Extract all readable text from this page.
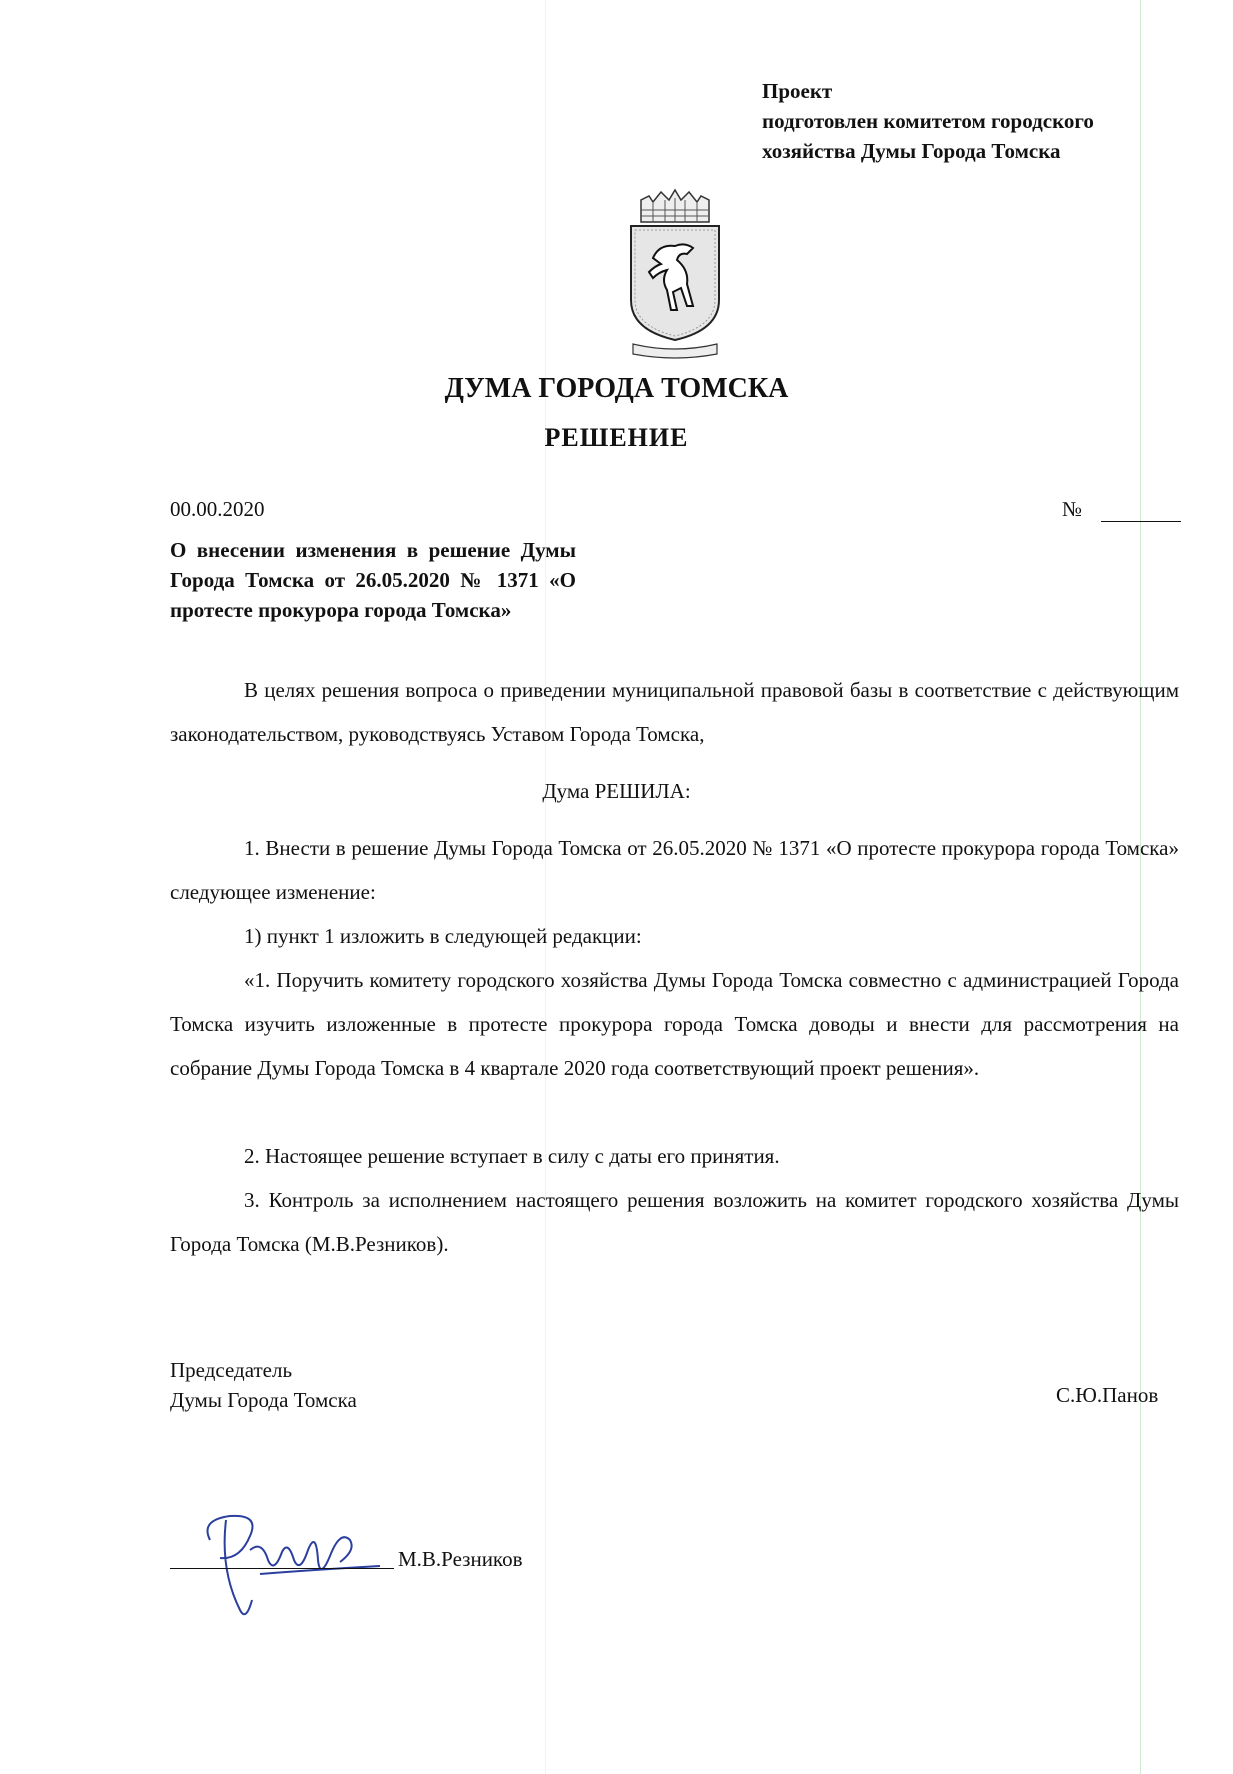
Проект
подготовлен комитетом городского
хозяйства Думы Города Томска
ДУМА ГОРОДА ТОМСКА
РЕШЕНИЕ
00.00.2020	№
О внесении изменения в решение Думы Города Томска от 26.05.2020 № 1371 «О протесте прокурора города Томска»
В целях решения вопроса о приведении муниципальной правовой базы в соответствие с действующим законодательством, руководствуясь Уставом Города Томска,
Дума РЕШИЛА:
1. Внести в решение Думы Города Томска от 26.05.2020 № 1371 «О протесте прокурора города Томска» следующее изменение:
1) пункт 1 изложить в следующей редакции:
«1. Поручить комитету городского хозяйства Думы Города Томска совместно с администрацией Города Томска изучить изложенные в протесте прокурора города Томска доводы и внести для рассмотрения на собрание Думы Города Томска в 4 квартале 2020 года соответствующий проект решения».
2. Настоящее решение вступает в силу с даты его принятия.
3. Контроль за исполнением настоящего решения возложить на комитет городского хозяйства Думы Города Томска (М.В.Резников).
Председатель
Думы Города Томска	С.Ю.Панов
М.В.Резников
